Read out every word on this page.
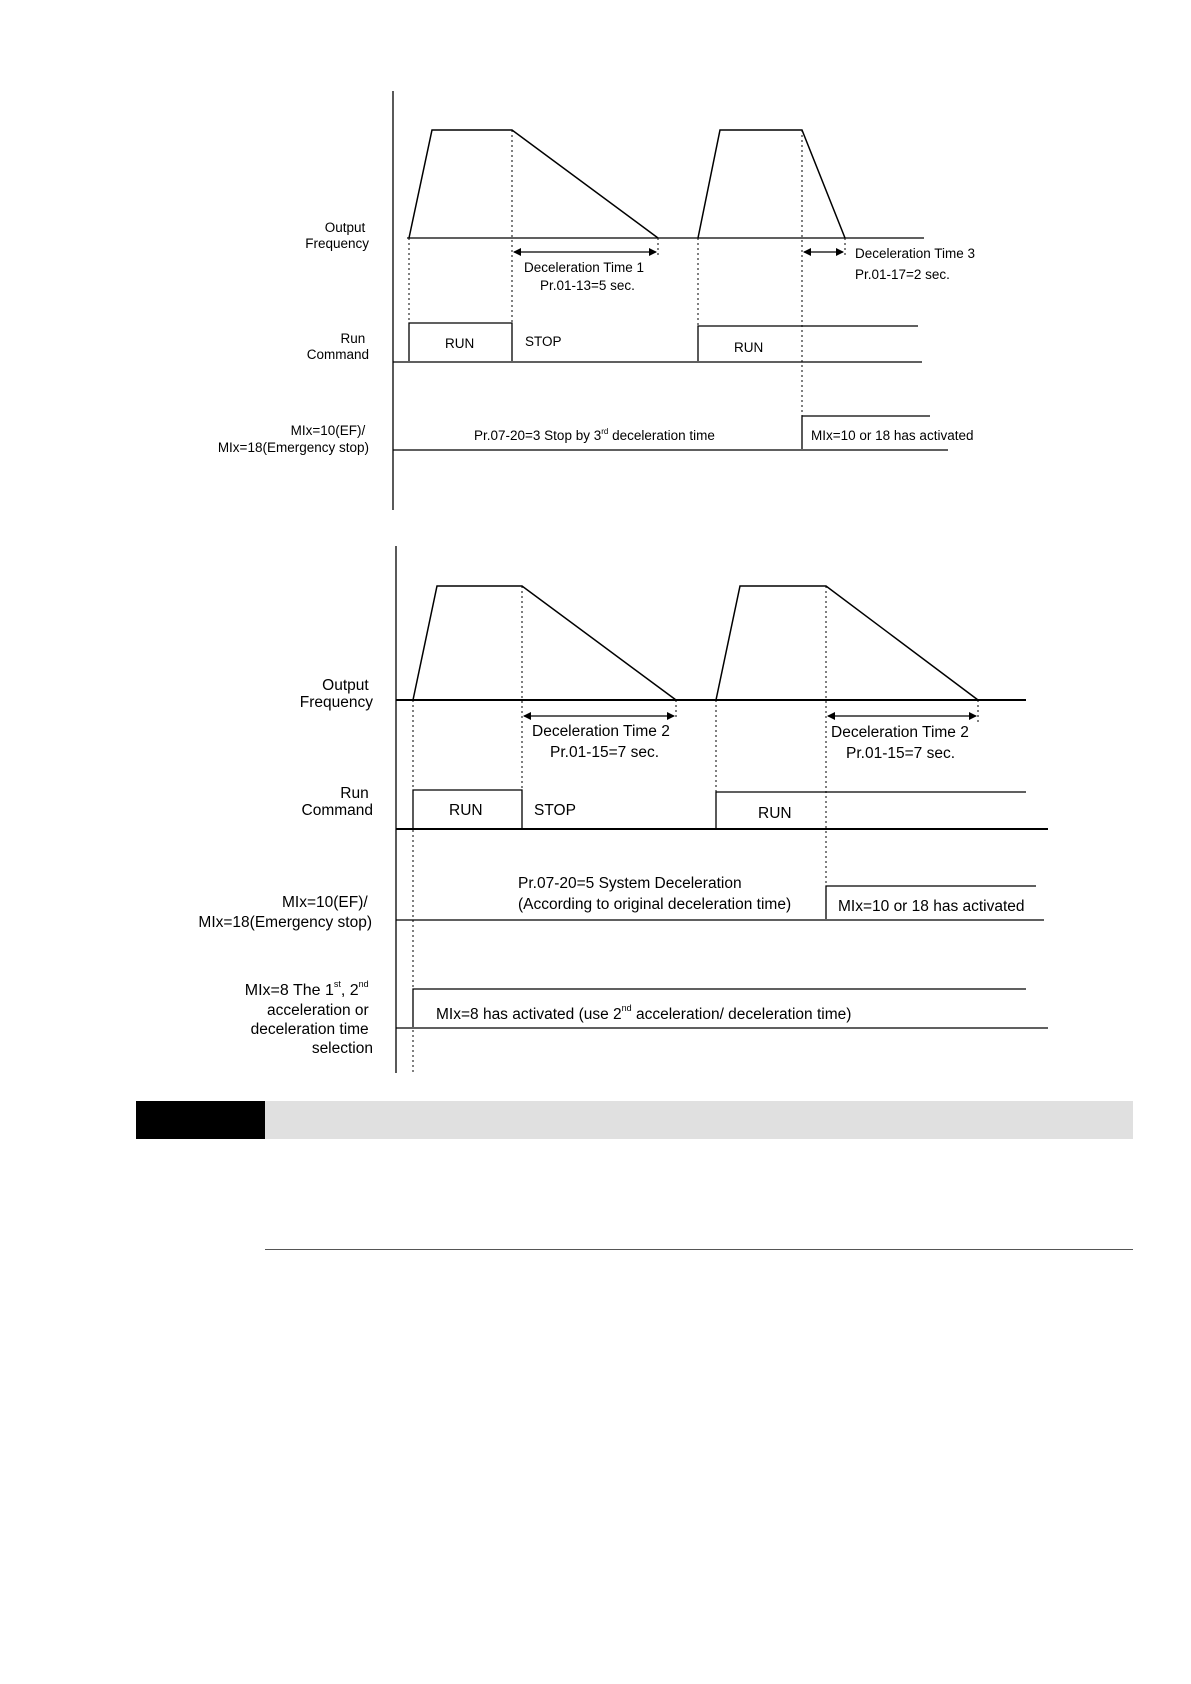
Output Frequency
Run Command
MIx=10(EF)/ MIx=18(Emergency stop)
Deceleration Time 1
Pr.01-13=5 sec.
Deceleration Time 3
Pr.01-17=2 sec.
RUN	STOP	RUN
Pr.07-20=3 Stop by 3rd deceleration time	MIx=10 or 18 has activated
Output Frequency
Run Command
MIx=10(EF)/ MIx=18(Emergency stop)
MIx=8 The 1st, 2nd acceleration or deceleration time selection
Deceleration Time 2
Pr.01-15=7 sec.
Deceleration Time 2
Pr.01-15=7 sec.
RUN	STOP	RUN
Pr.07-20=5 System Deceleration (According to original deceleration time)	MIx=10 or 18 has activated
MIx=8 has activated (use 2nd acceleration/ deceleration time)
